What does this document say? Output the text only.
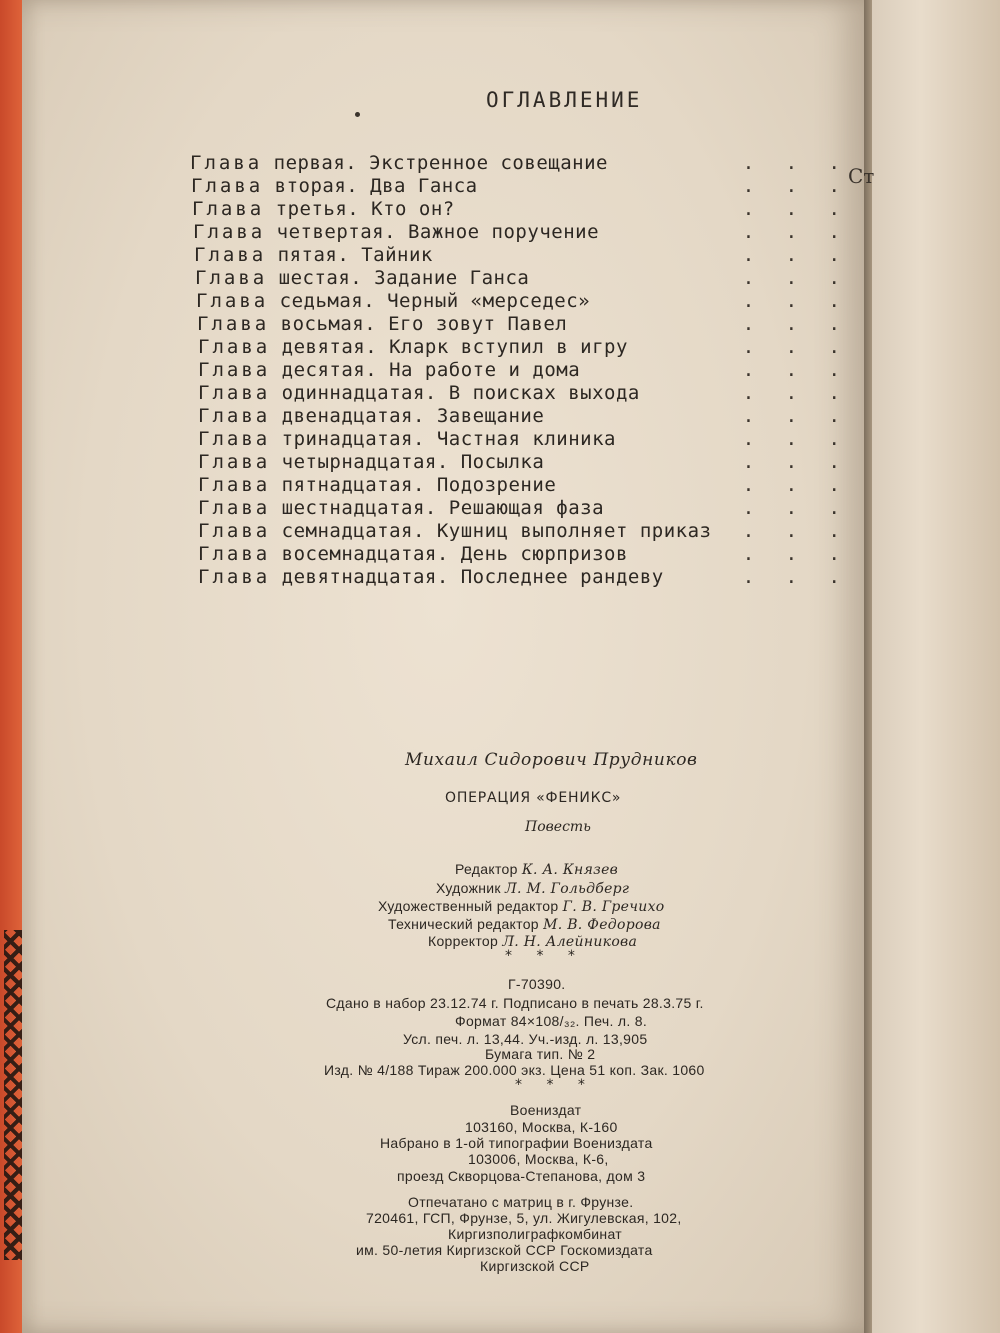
Ст
ОГЛАВЛЕНИЕ
Глава первая. Экстренное совещание	. . .
Глава вторая. Два Ганса	. . .
Глава третья. Кто он?	. . .
Глава четвертая. Важное поручение	. . .
Глава пятая. Тайник	. . .
Глава шестая. Задание Ганса	. . .
Глава седьмая. Черный «мерседес»	. . .
Глава восьмая. Его зовут Павел	. . .
Глава девятая. Кларк вступил в игру	. . .
Глава десятая. На работе и дома	. . .
Глава одиннадцатая. В поисках выхода	. . .
Глава двенадцатая. Завещание	. . .
Глава тринадцатая. Частная клиника	. . .
Глава четырнадцатая. Посылка	. . .
Глава пятнадцатая. Подозрение	. . .
Глава шестнадцатая. Решающая фаза	. . .
Глава семнадцатая. Кушниц выполняет приказ . . .
Глава восемнадцатая. День сюрпризов	. . .
Глава девятнадцатая. Последнее рандеву	. . .
Михаил Сидорович Прудников
ОПЕРАЦИЯ «ФЕНИКС»
Повесть
Редактор К. А. Князев
Художник Л. М. Гольдберг
Художественный редактор Г. В. Гречихо
Технический редактор М. В. Федорова
Корректор Л. Н. Алейникова
* * *
Г-70390.
Сдано в набор 23.12.74 г. Подписано в печать 28.3.75 г.
Формат 84×108/₃₂. Печ. л. 8.
Усл. печ. л. 13,44. Уч.-изд. л. 13,905
Бумага тип. № 2
Изд. № 4/188 Тираж 200.000 экз. Цена 51 коп. Зак. 1060
* * *
Воениздат
103160, Москва, К-160
Набрано в 1-ой типографии Воениздата
103006, Москва, К-6,
проезд Скворцова-Степанова, дом 3
Отпечатано с матриц в г. Фрунзе.
720461, ГСП, Фрунзе, 5, ул. Жигулевская, 102,
Киргизполиграфкомбинат
им. 50-летия Киргизской ССР Госкомиздата
Киргизской ССР
